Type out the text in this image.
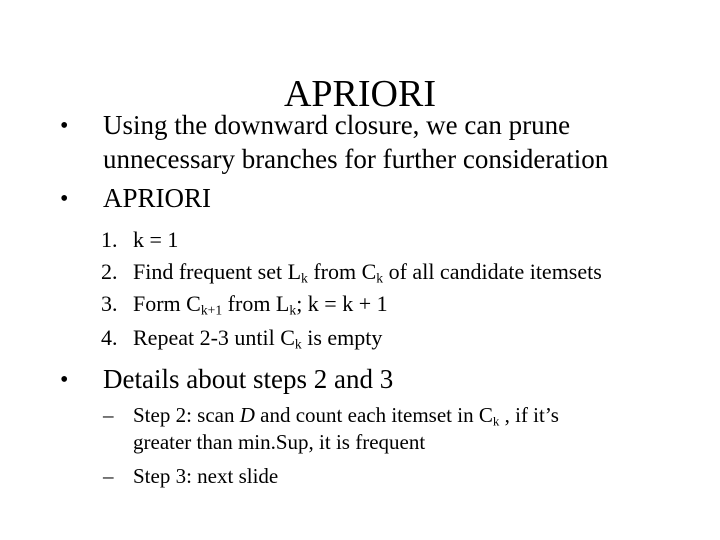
APRIORI
• Using the downward closure, we can prune
unnecessary branches for further consideration
• APRIORI
1. k = 1
2. Find frequent set $L_k$ from $C_k$ of all candidate itemsets
3. Form $C_{k+1}$ from $L_k$; k = k + 1
4. Repeat 2-3 until $C_k$ is empty
• Details about steps 2 and 3
– Step 2: scan D and count each itemset in $C_k$ , if it’s
greater than min.Sup, it is frequent
– Step 3: next slide
